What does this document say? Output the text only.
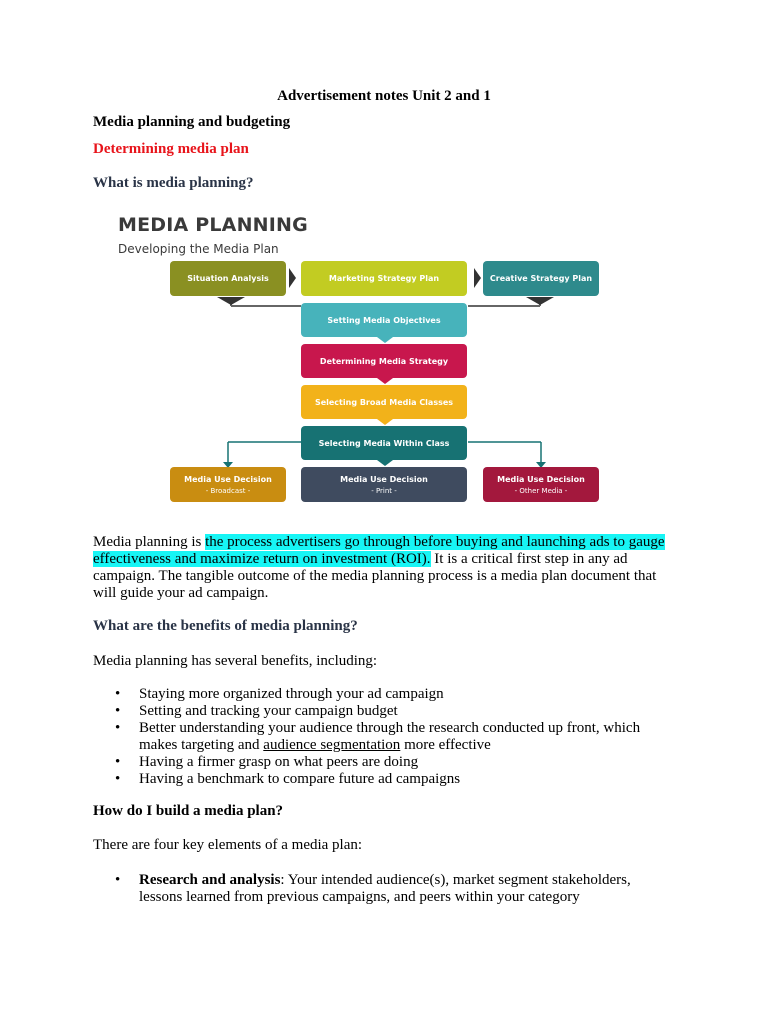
Advertisement notes Unit 2 and 1
Media planning and budgeting
Determining media plan
What is media planning?
MEDIA PLANNING
Developing the Media Plan
Situation Analysis	Marketing Strategy Plan	Creative Strategy Plan
Setting Media Objectives
Determining Media Strategy
Selecting Broad Media Classes
Selecting Media Within Class
Media Use Decision
- Broadcast -
Media Use Decision
- Print -
Media Use Decision
- Other Media -
Media planning is the process advertisers go through before buying and launching ads to gauge effectiveness and maximize return on investment (ROI). It is a critical first step in any ad campaign. The tangible outcome of the media planning process is a media plan document that will guide your ad campaign.
What are the benefits of media planning?
Media planning has several benefits, including:
• Staying more organized through your ad campaign
• Setting and tracking your campaign budget
• Better understanding your audience through the research conducted up front, which makes targeting and audience segmentation more effective
• Having a firmer grasp on what peers are doing
• Having a benchmark to compare future ad campaigns
How do I build a media plan?
There are four key elements of a media plan:
• Research and analysis: Your intended audience(s), market segment stakeholders, lessons learned from previous campaigns, and peers within your category
